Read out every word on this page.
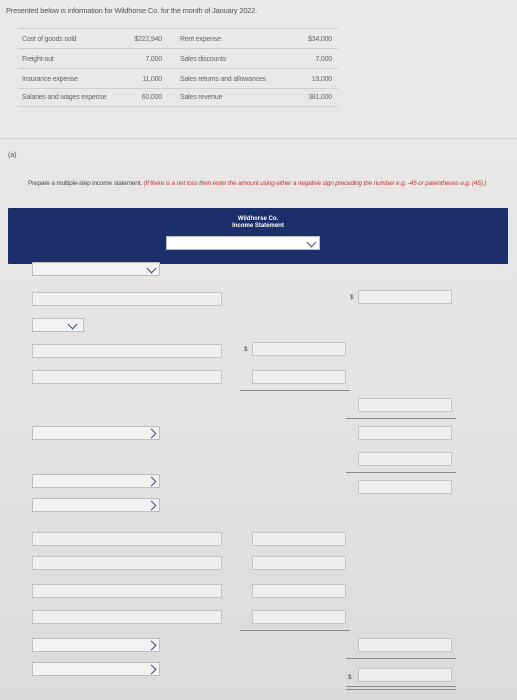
Presented below is information for Wildhorse Co. for the month of January 2022.
Cost of goods sold	$222,940	Rent expense	$34,000
Freight-out	7,000	Sales discounts	7,000
Insurance expense	11,000	Sales returns and allowances	19,000
Salaries and wages expense	60,000	Sales revenue	381,000
(a)
Prepare a multiple-step income statement. (If there is a net loss then enter the amount using either a negative sign preceding the number e.g. -45 or parentheses e.g. (45).)
Wildhorse Co.
Income Statement
$
$
$
